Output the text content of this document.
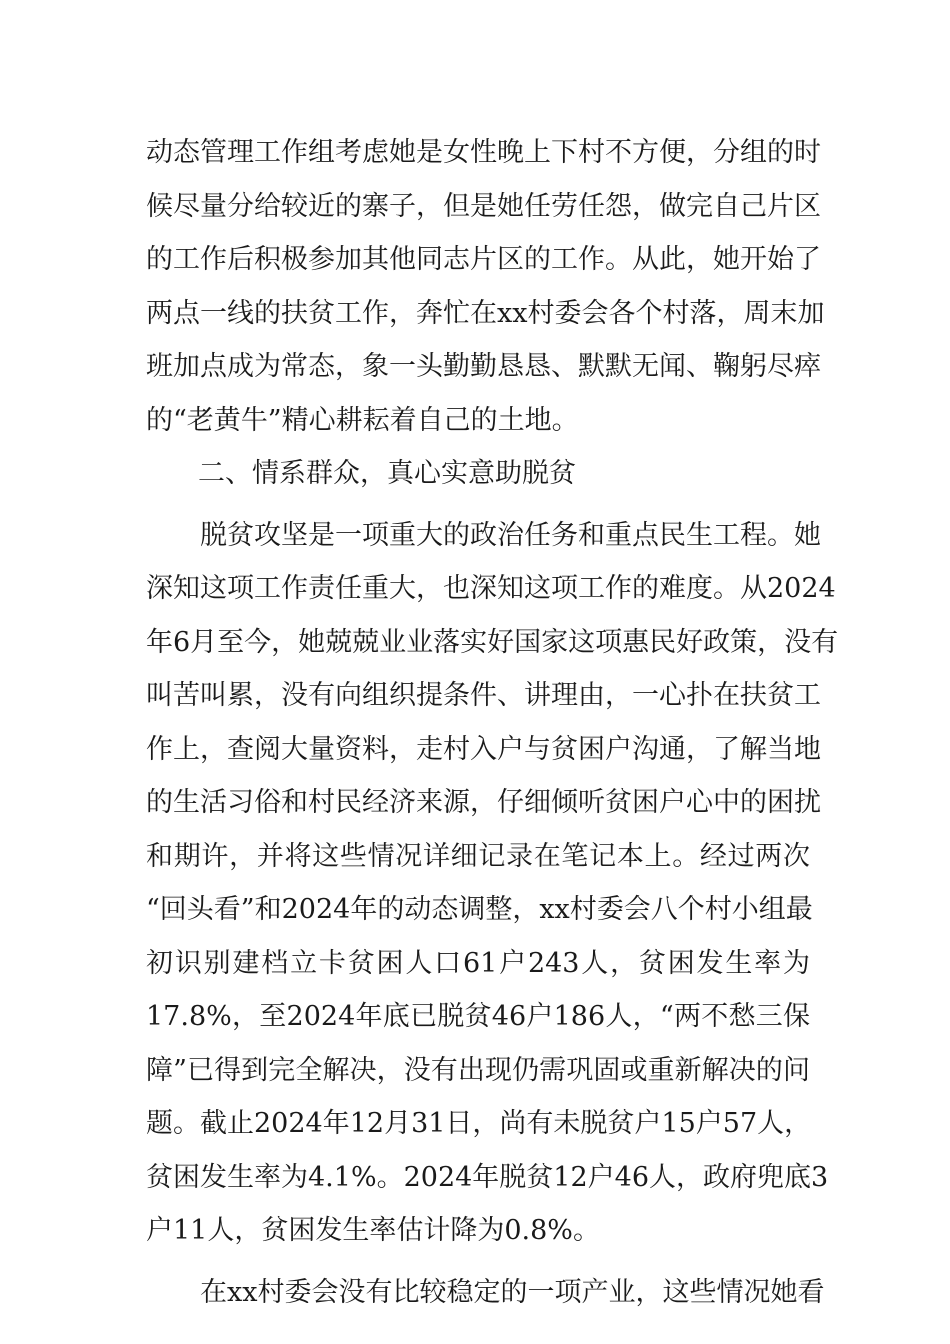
动态管理工作组考虑她是女性晚上下村不方便，分组的时
候尽量分给较近的寨子，但是她任劳任怨，做完自己片区
的工作后积极参加其他同志片区的工作。从此，她开始了
两点一线的扶贫工作，奔忙在xx村委会各个村落，周末加
班加点成为常态，象一头勤勤恳恳、默默无闻、鞠躬尽瘁
的“老黄牛”精心耕耘着自己的土地。
二、情系群众，真心实意助脱贫
脱贫攻坚是一项重大的政治任务和重点民生工程。她
深知这项工作责任重大，也深知这项工作的难度。从2024
年6月至今，她兢兢业业落实好国家这项惠民好政策，没有
叫苦叫累，没有向组织提条件、讲理由，一心扑在扶贫工
作上，查阅大量资料，走村入户与贫困户沟通，了解当地
的生活习俗和村民经济来源，仔细倾听贫困户心中的困扰
和期许，并将这些情况详细记录在笔记本上。经过两次
“回头看”和2024年的动态调整，xx村委会八个村小组最
初识别建档立卡贫困人口61户243人，贫困发生率为
17.8%，至2024年底已脱贫46户186人，“两不愁三保
障”已得到完全解决，没有出现仍需巩固或重新解决的问
题。截止2024年12月31日，尚有未脱贫户15户57人，
贫困发生率为4.1%。2024年脱贫12户46人，政府兜底3
户11人，贫困发生率估计降为0.8%。
在xx村委会没有比较稳定的一项产业，这些情况她看
